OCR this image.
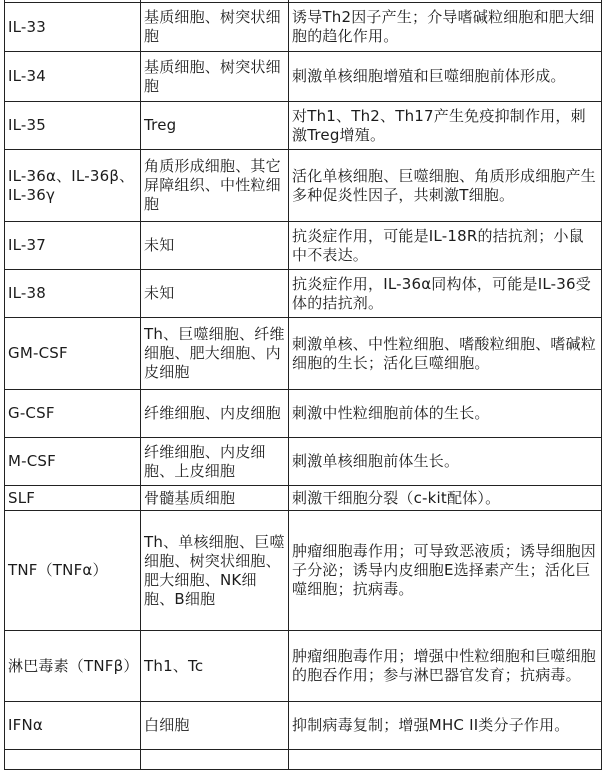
IL-33	基质细胞、树突状细胞	诱导Th2因子产生；介导嗜碱粒细胞和肥大细胞的趋化作用。
IL-34	基质细胞、树突状细胞	刺激单核细胞增殖和巨噬细胞前体形成。
IL-35	Treg	对Th1、Th2、Th17产生免疫抑制作用，刺激Treg增殖。
IL-36α、IL-36β、IL-36γ	角质形成细胞、其它屏障组织、中性粒细胞	活化单核细胞、巨噬细胞、角质形成细胞产生多种促炎性因子，共刺激T细胞。
IL-37	未知	抗炎症作用，可能是IL-18R的拮抗剂；小鼠中不表达。
IL-38	未知	抗炎症作用，IL-36α同构体，可能是IL-36受体的拮抗剂。
GM-CSF	Th、巨噬细胞、纤维细胞、肥大细胞、内皮细胞	刺激单核、中性粒细胞、嗜酸粒细胞、嗜碱粒细胞的生长；活化巨噬细胞。
G-CSF	纤维细胞、内皮细胞	刺激中性粒细胞前体的生长。
M-CSF	纤维细胞、内皮细胞、上皮细胞	刺激单核细胞前体生长。
SLF	骨髓基质细胞	刺激干细胞分裂（c-kit配体）。
TNF（TNFα）	Th、单核细胞、巨噬细胞、树突状细胞、肥大细胞、NK细胞、B细胞	肿瘤细胞毒作用；可导致恶液质；诱导细胞因子分泌；诱导内皮细胞E选择素产生；活化巨噬细胞；抗病毒。
淋巴毒素（TNFβ）	Th1、Tc	肿瘤细胞毒作用；增强中性粒细胞和巨噬细胞的胞吞作用；参与淋巴器官发育；抗病毒。
IFNα	白细胞	抑制病毒复制；增强MHC II类分子作用。
